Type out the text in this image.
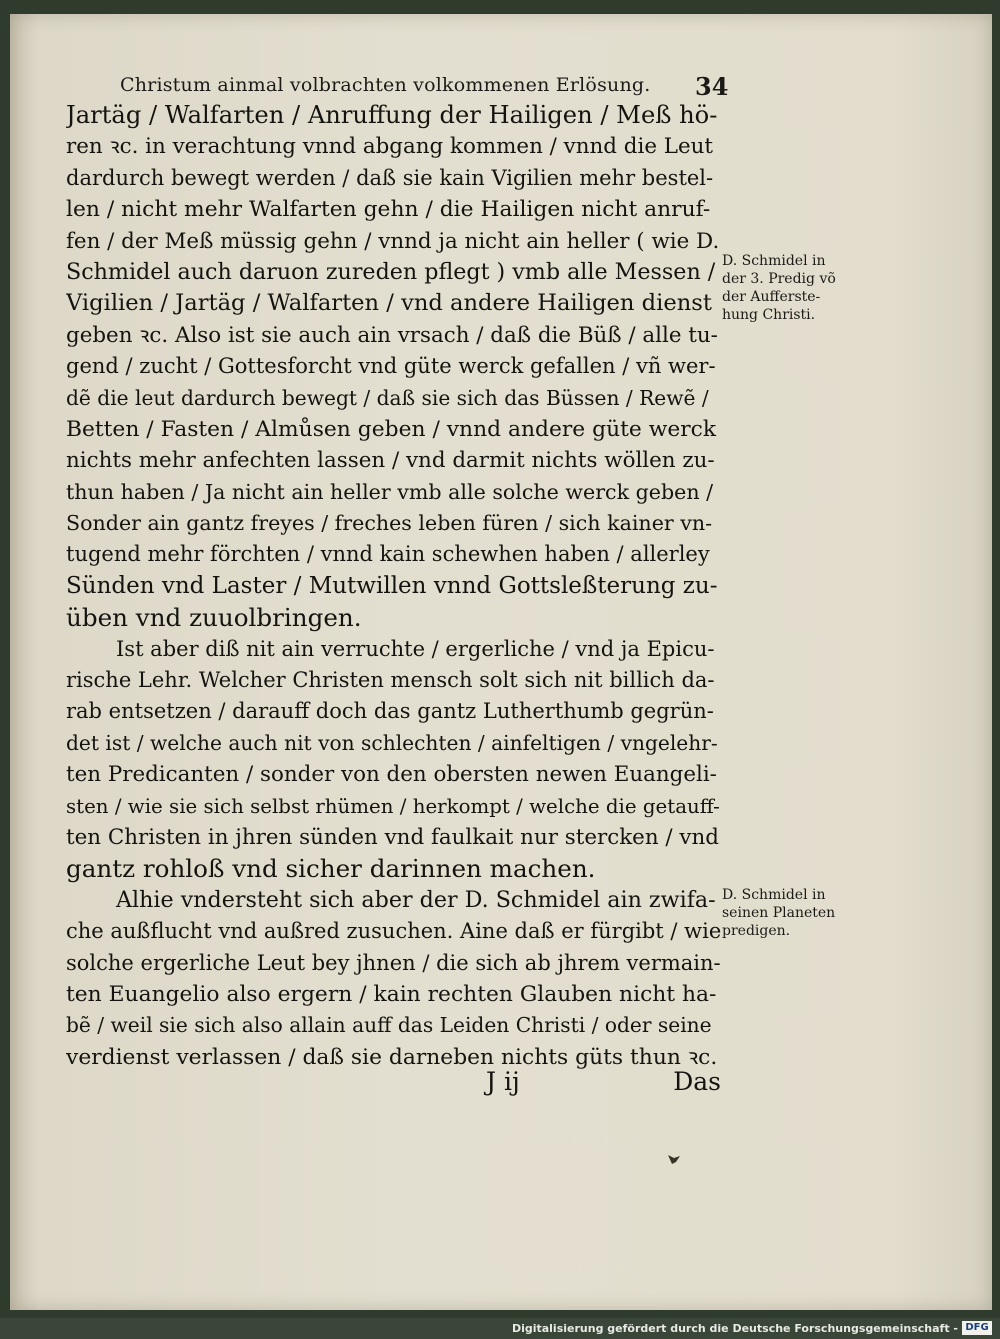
Christum ainmal volbrachten volkommenen Erlösung.	34
Jartäg / Walfarten / Anruffung der Hailigen / Meß hö-
ren ꝛc. in verachtung vnnd abgang kommen / vnnd die Leut
dardurch bewegt werden / daß sie kain Vigilien mehr bestel-
len / nicht mehr Walfarten gehn / die Hailigen nicht anruf-
fen / der Meß müssig gehn / vnnd ja nicht ain heller ( wie D.
Schmidel auch daruon zureden pflegt ) vmb alle Messen /
Vigilien / Jartäg / Walfarten / vnd andere Hailigen dienst
geben ꝛc. Also ist sie auch ain vrsach / daß die Büß / alle tu-
gend / zucht / Gottesforcht vnd güte werck gefallen / vñ wer-
dẽ die leut dardurch bewegt / daß sie sich das Büssen / Rewẽ /
Betten / Fasten / Almůsen geben / vnnd andere güte werck
nichts mehr anfechten lassen / vnd darmit nichts wöllen zu-
thun haben / Ja nicht ain heller vmb alle solche werck geben /
Sonder ain gantz freyes / freches leben füren / sich kainer vn-
tugend mehr förchten / vnnd kain schewhen haben / allerley
Sünden vnd Laster / Mutwillen vnnd Gottsleßterung zu-
üben vnd zuuolbringen.
Ist aber diß nit ain verruchte / ergerliche / vnd ja Epicu-
rische Lehr. Welcher Christen mensch solt sich nit billich da-
rab entsetzen / darauff doch das gantz Lutherthumb gegrün-
det ist / welche auch nit von schlechten / ainfeltigen / vngelehr-
ten Predicanten / sonder von den obersten newen Euangeli-
sten / wie sie sich selbst rhümen / herkompt / welche die getauff-
ten Christen in jhren sünden vnd faulkait nur stercken / vnd
gantz rohloß vnd sicher darinnen machen.
Alhie vndersteht sich aber der D. Schmidel ain zwifa-
che außflucht vnd außred zusuchen. Aine daß er fürgibt / wie
solche ergerliche Leut bey jhnen / die sich ab jhrem vermain-
ten Euangelio also ergern / kain rechten Glauben nicht ha-
bẽ / weil sie sich also allain auff das Leiden Christi / oder seine
verdienst verlassen / daß sie darneben nichts güts thun ꝛc.
D. Schmidel in
der 3. Predig võ
der Aufferste-
hung Christi.
D. Schmidel in
seinen Planeten
predigen.
J ij	Das
Digitalisierung gefördert durch die Deutsche Forschungsgemeinschaft - DFG
